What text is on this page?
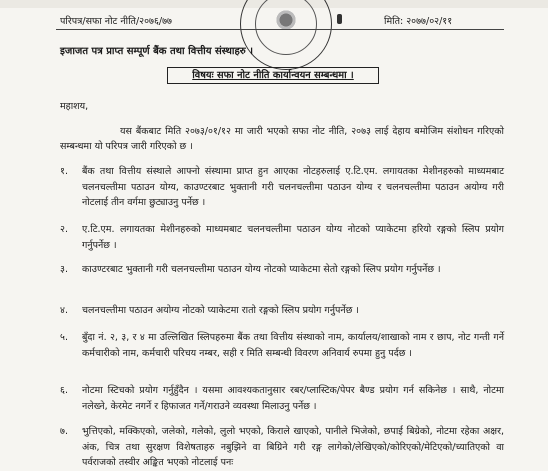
परिपत्र/सफा नोट नीति/२०७६/७७	मिति: २०७७/०२/११
इजाजत पत्र प्राप्त सम्पूर्ण बैंक तथा वित्तीय संस्थाहरु ।
विषयः सफा नोट नीति कार्यान्वयन सम्बन्धमा ।
महाशय,
यस बैंकबाट मिति २०७३/०१/१२ मा जारी भएको सफा नोट नीति, २०७३ लाई देहाय बमोजिम संशोधन गरिएको सम्बन्धमा यो परिपत्र जारी गरिएको छ ।
१.	बैंक तथा वित्तीय संस्थाले आफ्नो संस्थामा प्राप्त हुन आएका नोटहरुलाई ए.टि.एम. लगायतका मेशीनहरुको माध्यमबाट चलनचल्तीमा पठाउन योग्य, काउण्टरबाट भुक्तानी गरी चलनचल्तीमा पठाउन योग्य र चलनचल्तीमा पठाउन अयोग्य गरी नोटलाई तीन वर्गमा छुट्याउनु पर्नेछ ।
२.	ए.टि.एम. लगायतका मेशीनहरुको माध्यमबाट चलनचल्तीमा पठाउन योग्य नोटको प्याकेटमा हरियो रङ्गको स्लिप प्रयोग गर्नुपर्नेछ ।
३.	काउण्टरबाट भुक्तानी गरी चलनचल्तीमा पठाउन योग्य नोटको प्याकेटमा सेतो रङ्गको स्लिप प्रयोग गर्नुपर्नेछ ।
४.	चलनचल्तीमा पठाउन अयोग्य नोटको प्याकेटमा रातो रङ्गको स्लिप प्रयोग गर्नुपर्नेछ ।
५.	बुँदा नं. २, ३, र ४ मा उल्लिखित स्लिपहरुमा बैंक तथा वित्तीय संस्थाको नाम, कार्यालय/शाखाको नाम र छाप, नोट गन्ती गर्ने कर्मचारीको नाम, कर्मचारी परिचय नम्बर, सही र मिति सम्बन्धी विवरण अनिवार्य रुपमा हुनु पर्दछ ।
६.	नोटमा स्टिचको प्रयोग गर्नुहुँदैन । यसमा आवश्यकतानुसार रबर/प्लास्टिक/पेपर बैण्ड प्रयोग गर्न सकिनेछ । साथै, नोटमा नलेख्ने, केरमेट नगर्ने र हिफाजत गर्ने/गराउने व्यवस्था मिलाउनु पर्नेछ ।
७.	भुत्तिएको, मक्किएको, जलेको, गलेको, लुलो भएको, किराले खाएको, पानीले भिजेको, छपाई बिग्रेको, नोटमा रहेका अक्षर, अंक, चित्र तथा सुरक्षण विशेषताहरु नबुझिने वा बिग्रिने गरी रङ्ग लागेको/लेखिएको/कोरिएको/मेटिएको/च्यातिएको वा पर्वराजको तस्वीर अङ्कित भएको नोटलाई पनः
